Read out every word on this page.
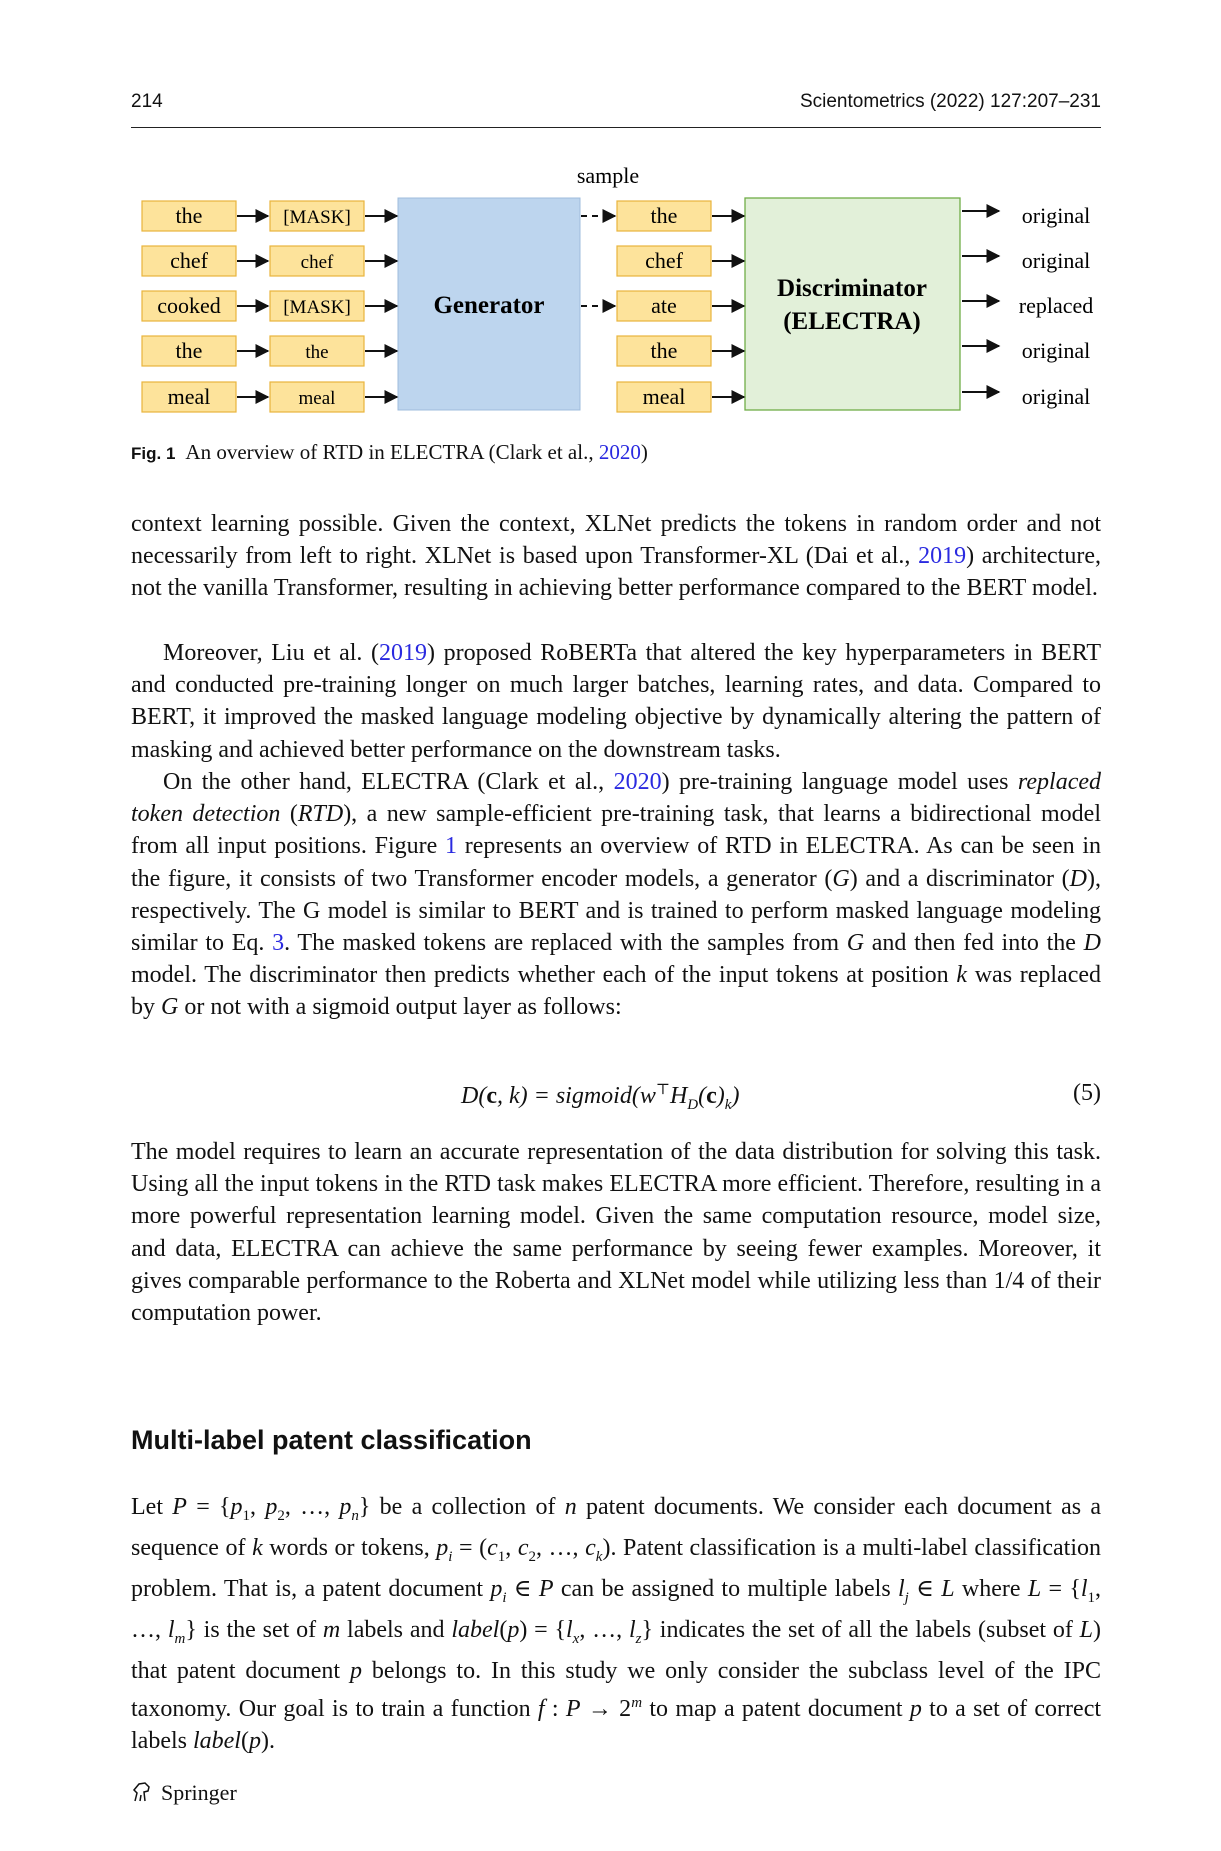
214	Scientometrics (2022) 127:207–231
sample
the
chef
cooked
the
meal
[MASK]
chef
[MASK]
the
meal
Generator
the
chef
ate
the
meal
Discriminator
(ELECTRA)
original
original
replaced
original
original
Fig. 1 An overview of RTD in ELECTRA (Clark et al., 2020)

context learning possible. Given the context, XLNet predicts the tokens in random order and not necessarily from left to right. XLNet is based upon Transformer-XL (Dai et al., 2019) architecture, not the vanilla Transformer, resulting in achieving better performance compared to the BERT model.

Moreover, Liu et al. (2019) proposed RoBERTa that altered the key hyperparameters in BERT and conducted pre-training longer on much larger batches, learning rates, and data. Compared to BERT, it improved the masked language modeling objective by dynamically altering the pattern of masking and achieved better performance on the downstream tasks.

On the other hand, ELECTRA (Clark et al., 2020) pre-training language model uses replaced token detection (RTD), a new sample-efficient pre-training task, that learns a bidirectional model from all input positions. Figure 1 represents an overview of RTD in ELECTRA. As can be seen in the figure, it consists of two Transformer encoder models, a generator (G) and a discriminator (D), respectively. The G model is similar to BERT and is trained to perform masked language modeling similar to Eq. 3. The masked tokens are replaced with the samples from G and then fed into the D model. The discriminator then predicts whether each of the input tokens at position k was replaced by G or not with a sigmoid output layer as follows:

D(c, $k) = sigmoid(w^⊤H_D(c)_k)$	(5)

The model requires to learn an accurate representation of the data distribution for solving this task. Using all the input tokens in the RTD task makes ELECTRA more efficient. Therefore, resulting in a more powerful representation learning model. Given the same computation resource, model size, and data, ELECTRA can achieve the same performance by seeing fewer examples. Moreover, it gives comparable performance to the Roberta and XLNet model while utilizing less than 1/4 of their computation power.

Multi-label patent classification

Let $P = \{p_1$, $p_2$, …, $p_n$} be a collection of n patent documents. We consider each document as a sequence of k words or tokens, $p_i = (c_1$, $c_2$, …, $c_k$). Patent classification is a multi-label classification problem. That is, a patent document $p_i$ ∈ P can be assigned to multiple labels $l_j$ ∈ L where $L = \{l_1$, …, $l_m$} is the set of m labels and label(p) = {$l_x$, …, $l_z$} indicates the set of all the labels (subset of L) that patent document p belongs to. In this study we only consider the subclass level of the IPC taxonomy. Our goal is to train a function f : $P \to 2^m$ to map a patent document p to a set of correct labels label(p).

Springer
